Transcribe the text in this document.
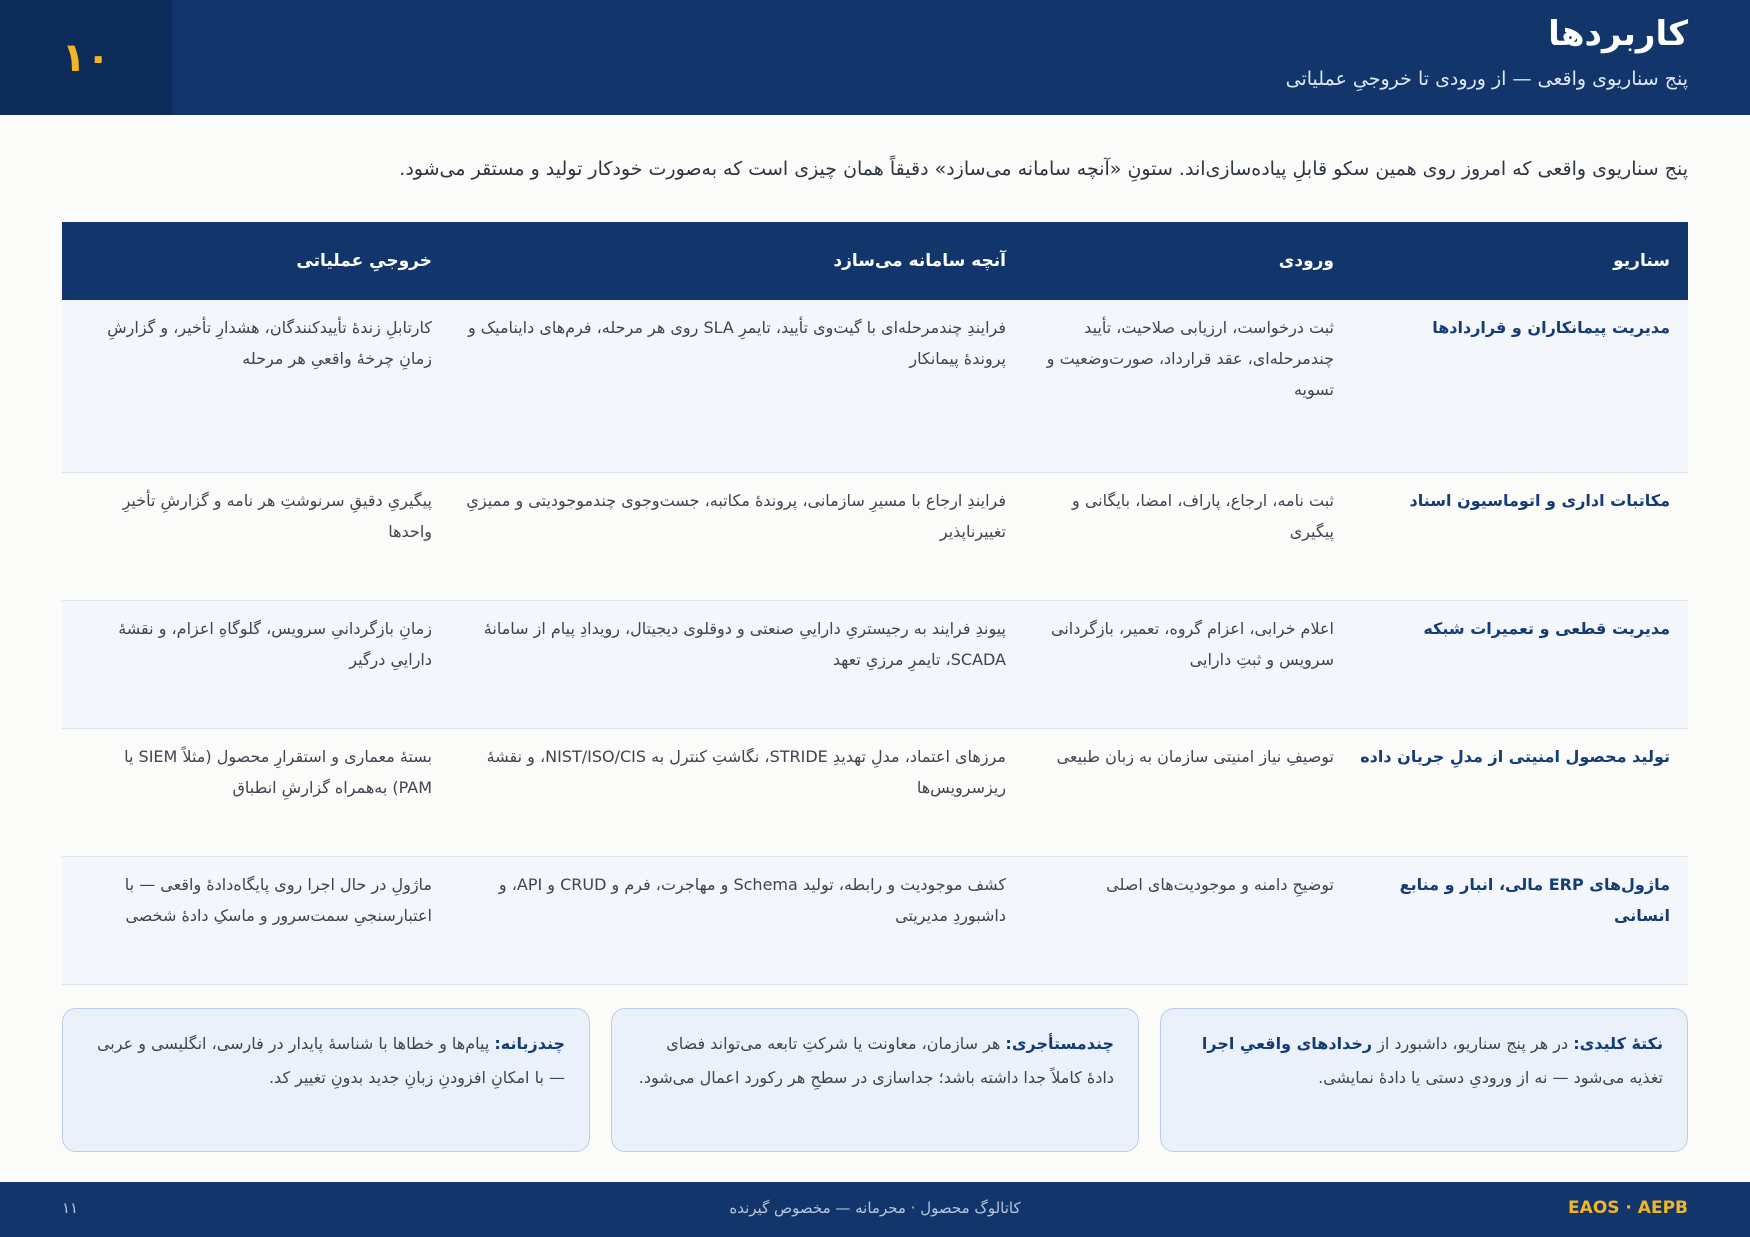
۱۰
کاربردها
پنج سناریوی واقعی — از ورودی تا خروجیِ عملیاتی
پنج سناریوی واقعی که امروز روی همین سکو قابلِ پیاده‌سازی‌اند. ستونِ «آنچه سامانه می‌سازد» دقیقاً همان چیزی است که به‌صورت خودکار تولید و مستقر می‌شود.
سناریو
ورودی
آنچه سامانه می‌سازد
خروجیِ عملیاتی
مدیریت پیمانکاران و قراردادها
ثبت درخواست، ارزیابی صلاحیت، تأیید چندمرحله‌ای، عقد قرارداد، صورت‌وضعیت و تسویه
فرایندِ چندمرحله‌ای با گیت‌وی تأیید، تایمرِ SLA روی هر مرحله، فرم‌های داینامیک و پروندهٔ پیمانکار
کارتابلِ زندهٔ تأییدکنندگان، هشدارِ تأخیر، و گزارشِ زمانِ چرخهٔ واقعیِ هر مرحله
مکاتبات اداری و اتوماسیون اسناد
ثبت نامه، ارجاع، پاراف، امضا، بایگانی و پیگیری
فرایندِ ارجاع با مسیرِ سازمانی، پروندهٔ مکاتبه، جست‌وجوی چندموجودیتی و ممیزیِ تغییرناپذیر
پیگیریِ دقیقِ سرنوشتِ هر نامه و گزارشِ تأخیرِ واحدها
مدیریت قطعی و تعمیرات شبکه
اعلام خرابی، اعزام گروه، تعمیر، بازگردانی سرویس و ثبتِ دارایی
پیوندِ فرایند به رجیستریِ داراییِ صنعتی و دوقلوی دیجیتال، رویدادِ پیام از سامانهٔ SCADA، تایمرِ مرزیِ تعهد
زمانِ بازگردانیِ سرویس، گلوگاهِ اعزام، و نقشهٔ داراییِ درگیر
تولید محصول امنیتی از مدلِ جریان داده
توصیفِ نیاز امنیتی سازمان به زبان طبیعی
مرزهای اعتماد، مدلِ تهدیدِ STRIDE، نگاشتِ کنترل به NIST/ISO/CIS، و نقشهٔ ریزسرویس‌ها
بستهٔ معماری و استقرارِ محصول (مثلاً SIEM یا PAM) به‌همراه گزارشِ انطباق
ماژول‌های ERP مالی، انبار و منابع انسانی
توضیحِ دامنه و موجودیت‌های اصلی
کشف موجودیت و رابطه، تولید Schema و مهاجرت، فرم و CRUD و API، و داشبوردِ مدیریتی
ماژولِ در حال اجرا روی پایگاه‌دادهٔ واقعی — با اعتبارسنجیِ سمت‌سرور و ماسکِ دادهٔ شخصی
نکتهٔ کلیدی: در هر پنج سناریو، داشبورد از رخدادهای واقعیِ اجرا تغذیه می‌شود — نه از ورودیِ دستی یا دادهٔ نمایشی.
چندمستأجری: هر سازمان، معاونت یا شرکتِ تابعه می‌تواند فضای دادهٔ کاملاً جدا داشته باشد؛ جداسازی در سطحِ هر رکورد اعمال می‌شود.
چندزبانه: پیام‌ها و خطاها با شناسهٔ پایدار در فارسی، انگلیسی و عربی — با امکانِ افزودنِ زبانِ جدید بدونِ تغییر کد.
EAOS · AEPB
کاتالوگ محصول · محرمانه — مخصوص گیرنده
۱۱
